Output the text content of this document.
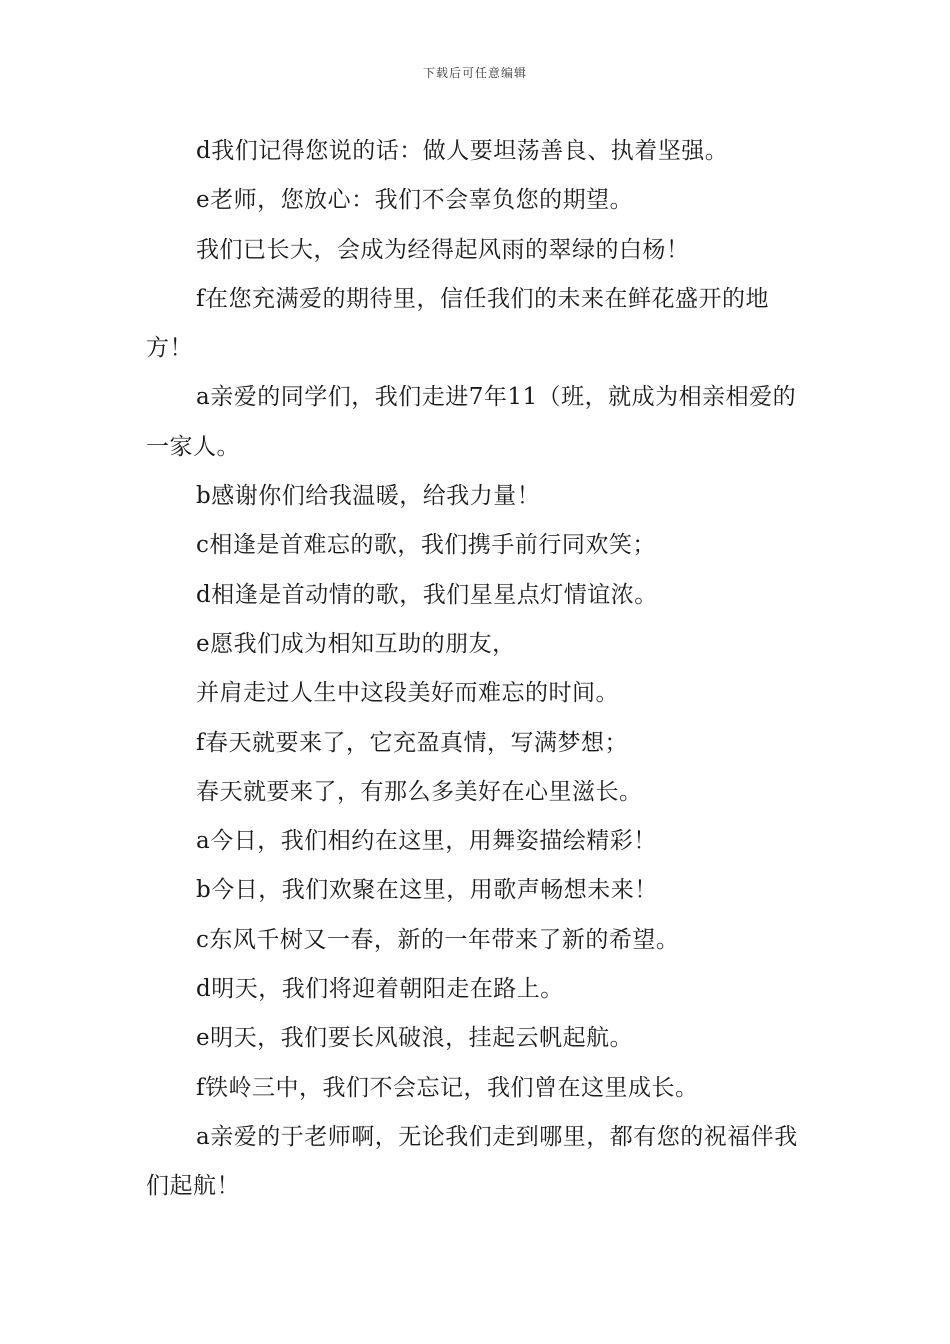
下载后可任意编辑

d我们记得您说的话：做人要坦荡善良、执着坚强。

e老师，您放心：我们不会辜负您的期望。

我们已长大，会成为经得起风雨的翠绿的白杨！

f在您充满爱的期待里，信任我们的未来在鲜花盛开的地方！

a亲爱的同学们，我们走进7年11（班，就成为相亲相爱的一家人。

b感谢你们给我温暖，给我力量！

c相逢是首难忘的歌，我们携手前行同欢笑；

d相逢是首动情的歌，我们星星点灯情谊浓。

e愿我们成为相知互助的朋友，

并肩走过人生中这段美好而难忘的时间。

f春天就要来了，它充盈真情，写满梦想；

春天就要来了，有那么多美好在心里滋长。

a今日，我们相约在这里，用舞姿描绘精彩！

b今日，我们欢聚在这里，用歌声畅想未来！

c东风千树又一春，新的一年带来了新的希望。

d明天，我们将迎着朝阳走在路上。

e明天，我们要长风破浪，挂起云帆起航。

f铁岭三中，我们不会忘记，我们曾在这里成长。

a亲爱的于老师啊，无论我们走到哪里，都有您的祝福伴我们起航！
